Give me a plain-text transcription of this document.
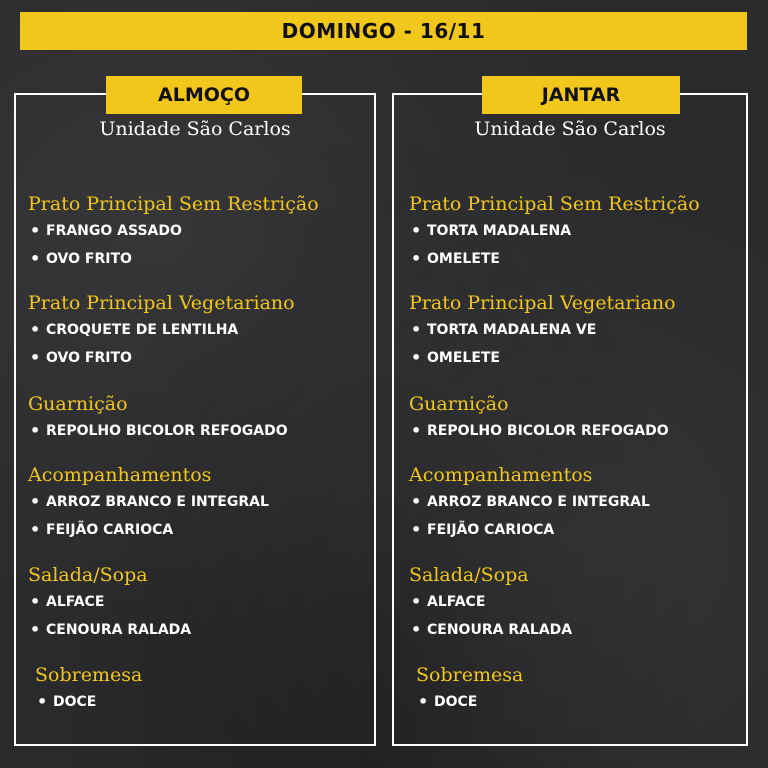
DOMINGO - 16/11
ALMOÇO	JANTAR
Unidade São Carlos	Unidade São Carlos
Prato Principal Sem Restrição
• FRANGO ASSADO
• OVO FRITO
Prato Principal Vegetariano
• CROQUETE DE LENTILHA
• OVO FRITO
Guarnição
• REPOLHO BICOLOR REFOGADO
Acompanhamentos
• ARROZ BRANCO E INTEGRAL
• FEIJÃO CARIOCA
Salada/Sopa
• ALFACE
• CENOURA RALADA
Sobremesa
• DOCE
Prato Principal Sem Restrição
• TORTA MADALENA
• OMELETE
Prato Principal Vegetariano
• TORTA MADALENA VE
• OMELETE
Guarnição
• REPOLHO BICOLOR REFOGADO
Acompanhamentos
• ARROZ BRANCO E INTEGRAL
• FEIJÃO CARIOCA
Salada/Sopa
• ALFACE
• CENOURA RALADA
Sobremesa
• DOCE
